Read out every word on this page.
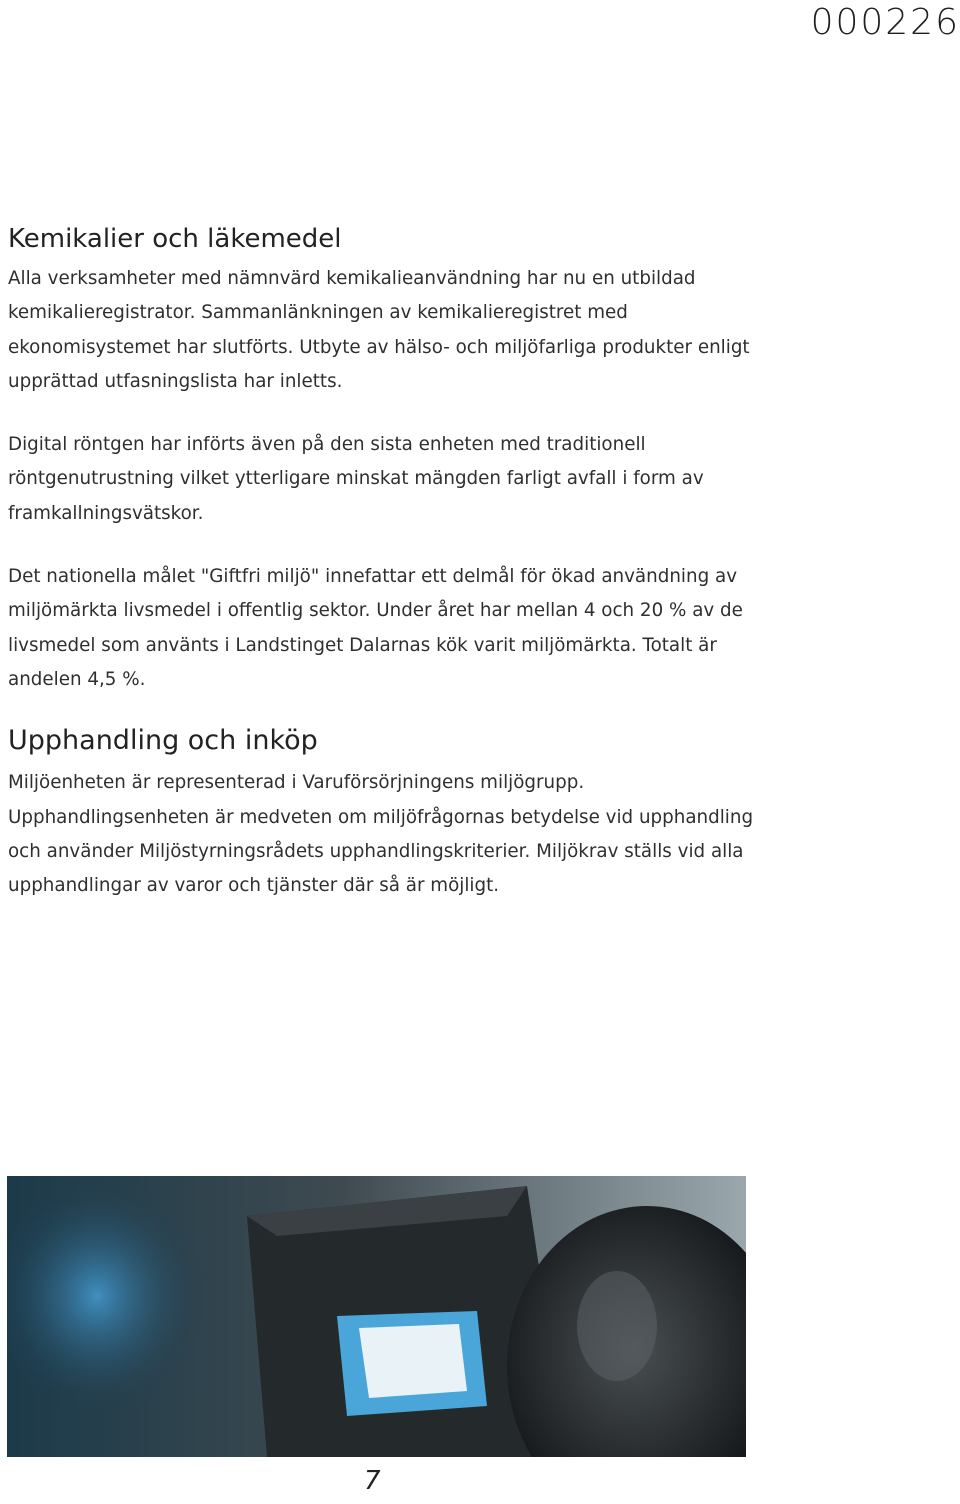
000226
Kemikalier och läkemedel

Alla verksamheter med nämnvärd kemikalieanvändning har nu en utbildad kemikalieregistrator. Sammanlänkningen av kemikalieregistret med ekonomisystemet har slutförts. Utbyte av hälso- och miljöfarliga produkter enligt upprättad utfasningslista har inletts.

Digital röntgen har införts även på den sista enheten med traditionell röntgenutrustning vilket ytterligare minskat mängden farligt avfall i form av framkallningsvätskor.

Det nationella målet "Giftfri miljö" innefattar ett delmål för ökad användning av miljömärkta livsmedel i offentlig sektor. Under året har mellan 4 och 20 % av de livsmedel som använts i Landstinget Dalarnas kök varit miljömärkta. Totalt är andelen 4,5 %.

Upphandling och inköp

Miljöenheten är representerad i Varuförsörjningens miljögrupp. Upphandlingsenheten är medveten om miljöfrågornas betydelse vid upphandling och använder Miljöstyrningsrådets upphandlingskriterier. Miljökrav ställs vid alla upphandlingar av varor och tjänster där så är möjligt.

7
